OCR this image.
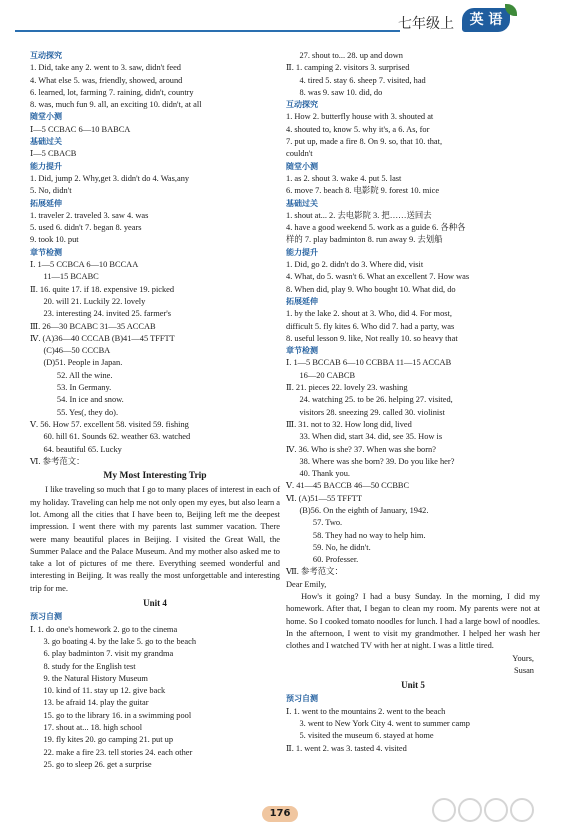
七年级上	英 语
互动探究
1. Did, take any 2. went to 3. saw, didn't feed
4. What else 5. was, friendly, showed, around
6. learned, lot, farming 7. raining, didn't, country
8. was, much fun 9. all, an exciting 10. didn't, at all
随堂小测
Ⅰ—5 CCBAC 6—10 BABCA
基础过关
Ⅰ—5 CBACB
能力提升
1. Did, jump 2. Why,get 3. didn't do 4. Was,any
5. No, didn't
拓展延伸
1. traveler 2. traveled 3. saw 4. was
5. used 6. didn't 7. began 8. years
9. took 10. put
章节检测
Ⅰ. 1—5 CCBCA 6—10 BCCAA
11—15 BCABC
Ⅱ. 16. quite 17. if 18. expensive 19. picked
20. will 21. Luckily 22. lovely
23. interesting 24. invited 25. farmer's
Ⅲ. 26—30 BCABC 31—35 ACCAB
Ⅳ. (A)36—40 CCCAB (B)41—45 TFFTT
(C)46—50 CCCBA
(D)51. People in Japan.
52. All the wine.
53. In Germany.
54. In ice and snow.
55. Yes(, they do).
Ⅴ. 56. How 57. excellent 58. visited 59. fishing
60. hill 61. Sounds 62. weather 63. watched
64. beautiful 65. Lucky
Ⅵ. 参考范文：
My Most Interesting Trip
I like traveling so much that I go to many places of interest in each of my holiday. Traveling can help me not only open my eyes, but also learn a lot. Among all the cities that I have been to, Beijing left me the deepest impression. I went there with my parents last summer vacation. There were many beautiful places in Beijing. I visited the Great Wall, the Summer Palace and the Palace Museum. And my mother also asked me to take a lot of pictures of me there. Everything seemed wonderful and interesting in Beijing. It was really the most unforgettable and interesting trip for me.
Unit 4
预习自测
Ⅰ. 1. do one's homework 2. go to the cinema
3. go boating 4. by the lake 5. go to the beach
6. play badminton 7. visit my grandma
8. study for the English test
9. the Natural History Museum
10. kind of 11. stay up 12. give back
13. be afraid 14. play the guitar
15. go to the library 16. in a swimming pool
17. shout at... 18. high school
19. fly kites 20. go camping 21. put up
22. make a fire 23. tell stories 24. each other
25. go to sleep 26. get a surprise
27. shout to... 28. up and down
Ⅱ. 1. camping 2. visitors 3. surprised
4. tired 5. stay 6. sheep 7. visited, had
8. was 9. saw 10. did, do
互动探究
1. How 2. butterfly house with 3. shouted at
4. shouted to, know 5. why it's, a 6. As, for
7. put up, made a fire 8. On 9. so, that 10. that,
couldn't
随堂小测
1. as 2. shout 3. wake 4. put 5. last
6. move 7. beach 8. 电影院 9. forest 10. mice
基础过关
1. shout at... 2. 去电影院 3. 把……送回去
4. have a good weekend 5. work as a guide 6. 各种各
样的 7. play badminton 8. run away 9. 去划船
能力提升
1. Did, go 2. didn't do 3. Where did, visit
4. What, do 5. wasn't 6. What an excellent 7. How was
8. When did, play 9. Who bought 10. What did, do
拓展延伸
1. by the lake 2. shout at 3. Who, did 4. For most,
difficult 5. fly kites 6. Who did 7. had a party, was
8. useful lesson 9. like, Not really 10. so heavy that
章节检测
Ⅰ. 1—5 BCCAB 6—10 CCBBA 11—15 ACCAB
16—20 CABCB
Ⅱ. 21. pieces 22. lovely 23. washing
24. watching 25. to be 26. helping 27. visited,
visitors 28. sneezing 29. called 30. violinist
Ⅲ. 31. not to 32. How long did, lived
33. When did, start 34. did, see 35. How is
Ⅳ. 36. Who is she? 37. When was she born?
38. Where was she born? 39. Do you like her?
40. Thank you.
Ⅴ. 41—45 BACCB 46—50 CCBBC
Ⅵ. (A)51—55 TFFTT
(B)56. On the eighth of January, 1942.
57. Two.
58. They had no way to help him.
59. No, he didn't.
60. Professer.
Ⅶ. 参考范文：
Dear Emily,
How's it going? I had a busy Sunday. In the morning, I did my homework. After that, I began to clean my room. My parents were not at home. So I cooked tomato noodles for lunch. I had a large bowl of noodles. In the afternoon, I went to visit my grandmother. I helped her wash her clothes and I watched TV with her at night. I was a little tired.
Yours,
Susan
Unit 5
预习自测
Ⅰ. 1. went to the mountains 2. went to the beach
3. went to New York City 4. went to summer camp
5. visited the museum 6. stayed at home
Ⅱ. 1. went 2. was 3. tasted 4. visited
176
